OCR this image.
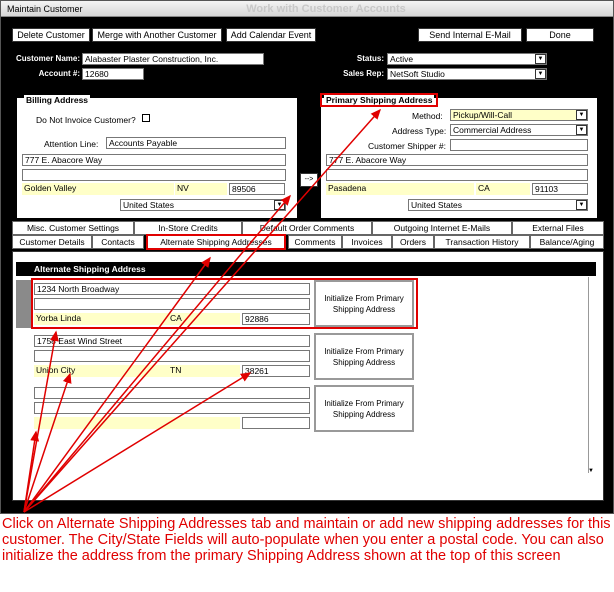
Maintain Customer	Work with Customer Accounts
Delete Customer	Merge with Another Customer	Add Calendar Event	Send Internal E-Mail	Done
Customer Name: Alabaster Plaster Construction, Inc.
Account #: 12680
Status: Active	▼
Sales Rep: NetSoft Studio	▼
Billing Address
Do Not Invoice Customer?
Attention Line:	Accounts Payable
777 E. Abacore Way
Golden Valley	NV	89506
United States	▼
-->
Primary Shipping Address
Method:	Pickup/Will-Call	▼
Address Type: Commercial Address	▼
Customer Shipper #:
777 E. Abacore Way
Pasadena	CA	91103
United States	▼
Misc. Customer Settings	In-Store Credits	Default Order Comments	Outgoing Internet E-Mails	External Files
Customer Details	Contacts	Alternate Shipping Addresses	Comments	Invoices	Orders	Transaction History	Balance/Aging
Alternate Shipping Address
▼
1234 North Broadway
Yorba Linda	CA	92886
Initialize From Primary Shipping Address
1758 East Wind Street
Union City	TN	38261
Initialize From Primary Shipping Address
Initialize From Primary Shipping Address
Click on Alternate Shipping Addresses tab and maintain or add new shipping addresses for this customer. The City/State Fields will auto-populate when you enter a postal code. You can also initialize the address from the primary Shipping Address shown at the top of this screen
